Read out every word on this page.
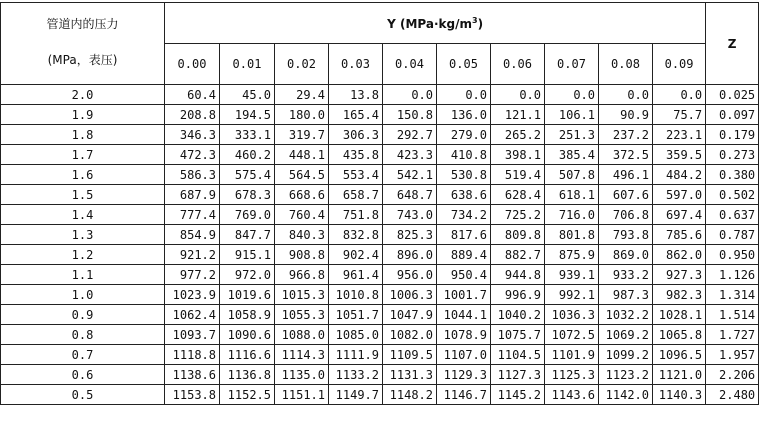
管道内的压力
(MPa，表压)	Y $(MPa\cdot kg/m^3)$										Z
	0.00	0.01	0.02	0.03	0.04	0.05	0.06	0.07	0.08	0.09	
2.0	60.4	45.0	29.4	13.8	0.0	0.0	0.0	0.0	0.0	0.0	0.025
1.9	208.8	194.5	180.0	165.4	150.8	136.0	121.1	106.1	90.9	75.7	0.097
1.8	346.3	333.1	319.7	306.3	292.7	279.0	265.2	251.3	237.2	223.1	0.179
1.7	472.3	460.2	448.1	435.8	423.3	410.8	398.1	385.4	372.5	359.5	0.273
1.6	586.3	575.4	564.5	553.4	542.1	530.8	519.4	507.8	496.1	484.2	0.380
1.5	687.9	678.3	668.6	658.7	648.7	638.6	628.4	618.1	607.6	597.0	0.502
1.4	777.4	769.0	760.4	751.8	743.0	734.2	725.2	716.0	706.8	697.4	0.637
1.3	854.9	847.7	840.3	832.8	825.3	817.6	809.8	801.8	793.8	785.6	0.787
1.2	921.2	915.1	908.8	902.4	896.0	889.4	882.7	875.9	869.0	862.0	0.950
1.1	977.2	972.0	966.8	961.4	956.0	950.4	944.8	939.1	933.2	927.3	1.126
1.0	1023.9	1019.6	1015.3	1010.8	1006.3	1001.7	996.9	992.1	987.3	982.3	1.314
0.9	1062.4	1058.9	1055.3	1051.7	1047.9	1044.1	1040.2	1036.3	1032.2	1028.1	1.514
0.8	1093.7	1090.6	1088.0	1085.0	1082.0	1078.9	1075.7	1072.5	1069.2	1065.8	1.727
0.7	1118.8	1116.6	1114.3	1111.9	1109.5	1107.0	1104.5	1101.9	1099.2	1096.5	1.957
0.6	1138.6	1136.8	1135.0	1133.2	1131.3	1129.3	1127.3	1125.3	1123.2	1121.0	2.206
0.5	1153.8	1152.5	1151.1	1149.7	1148.2	1146.7	1145.2	1143.6	1142.0	1140.3	2.480
